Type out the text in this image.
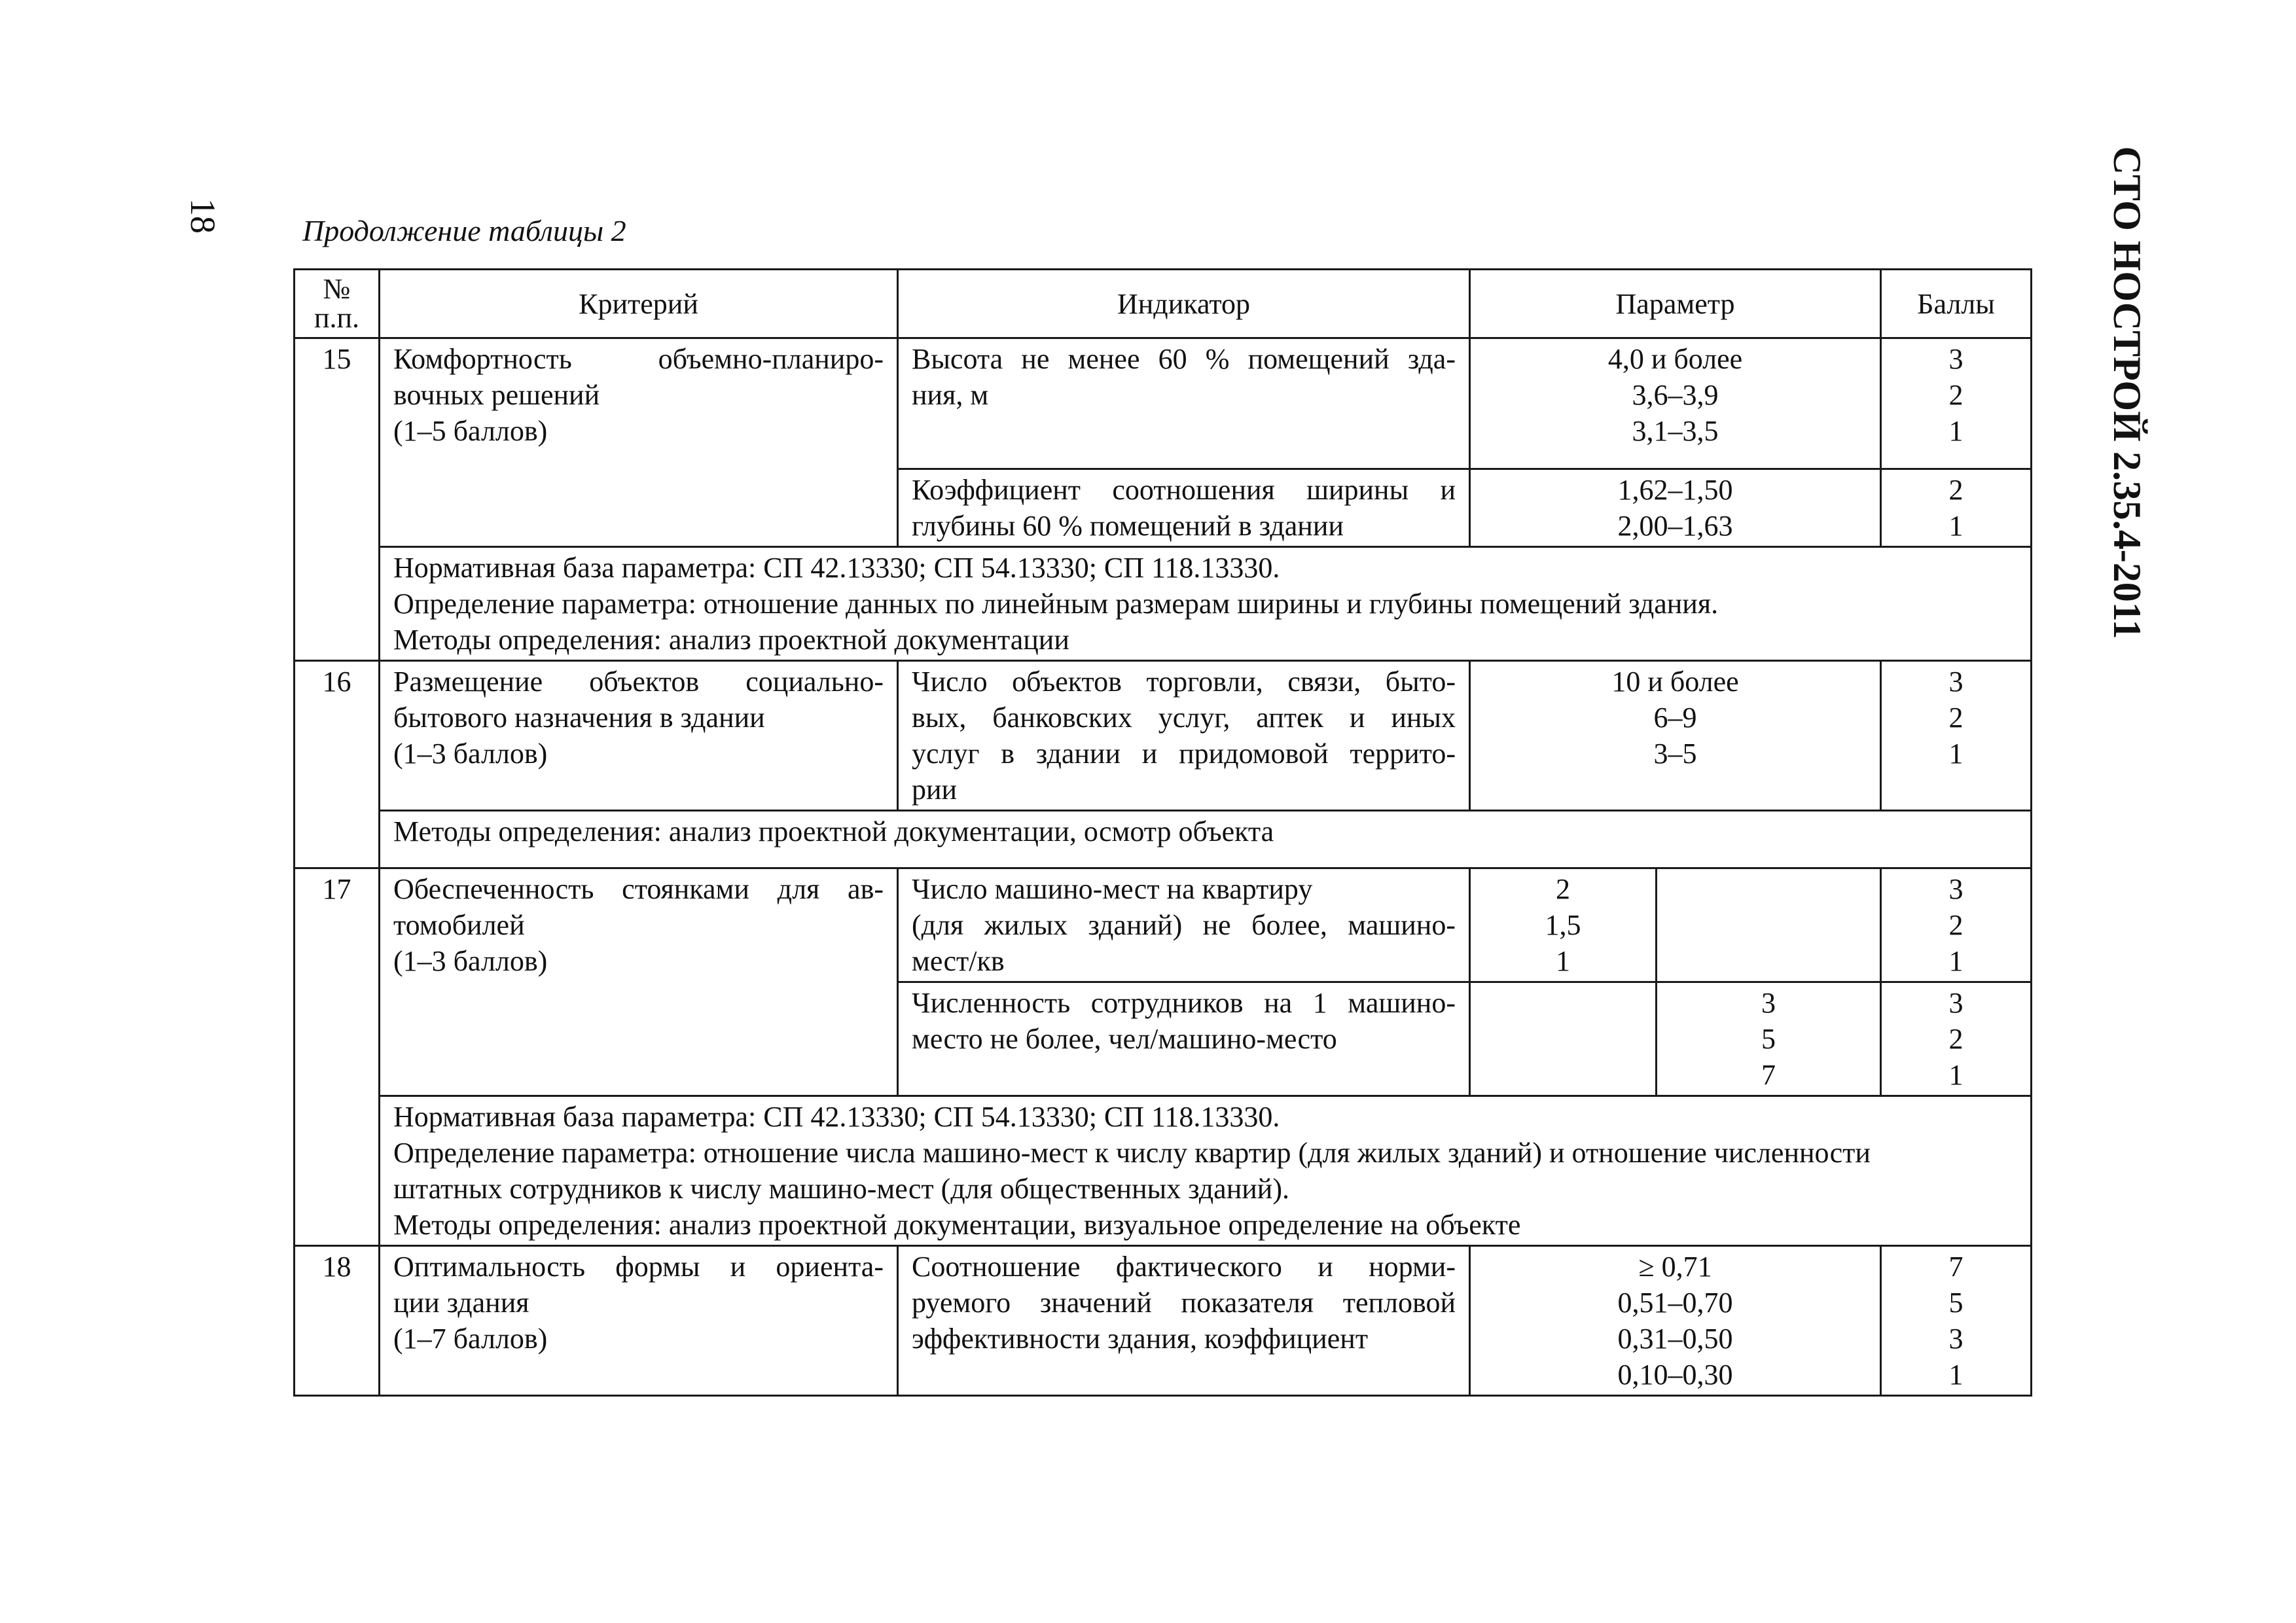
18	СТО НОСТРОЙ 2.35.4-2011
Продолжение таблицы 2
№
п.п.	Критерий	Индикатор	Параметр		Баллы
15	Комфортность объемно-планиро-
вочных решений
(1–5 баллов)	Высота не менее 60 % помещений зда-
ния, м	4,0 и более
3,6–3,9
3,1–3,5		3
2
1

		Коэффициент соотношения ширины и
глубины 60 % помещений в здании	1,62–1,50
2,00–1,63		2
1

	Нормативная база параметра: СП 42.13330; СП 54.13330; СП 118.13330.
Определение параметра: отношение данных по линейным размерам ширины и глубины помещений здания.
Методы определения: анализ проектной документации				

16	Размещение объектов социально-
бытового назначения в здании
(1–3 баллов)	Число объектов торговли, связи, быто-
вых, банковских услуг, аптек и иных
услуг в здании и придомовой террито-
рии	10 и более
6–9
3–5		3
2
1

	Методы определения: анализ проектной документации, осмотр объекта				

17	Обеспеченность стоянками для ав-
томобилей
(1–3 баллов)	Число машино-мест на квартиру
(для жилых зданий) не более, машино-
мест/кв	2
1,5
1		3
2
1

		Численность сотрудников на 1 машино-
место не более, чел/машино-место		3
5
7	3
2
1

	Нормативная база параметра: СП 42.13330; СП 54.13330; СП 118.13330.
Определение параметра: отношение числа машино-мест к числу квартир (для жилых зданий) и отношение численности
штатных сотрудников к числу машино-мест (для общественных зданий).
Методы определения: анализ проектной документации, визуальное определение на объекте				

18	Оптимальность формы и ориента-
ции здания
(1–7 баллов)	Соотношение фактического и норми-
руемого значений показателя тепловой
эффективности здания, коэффициент	≥ 0,71
0,51–0,70
0,31–0,50
0,10–0,30		7
5
3
1
